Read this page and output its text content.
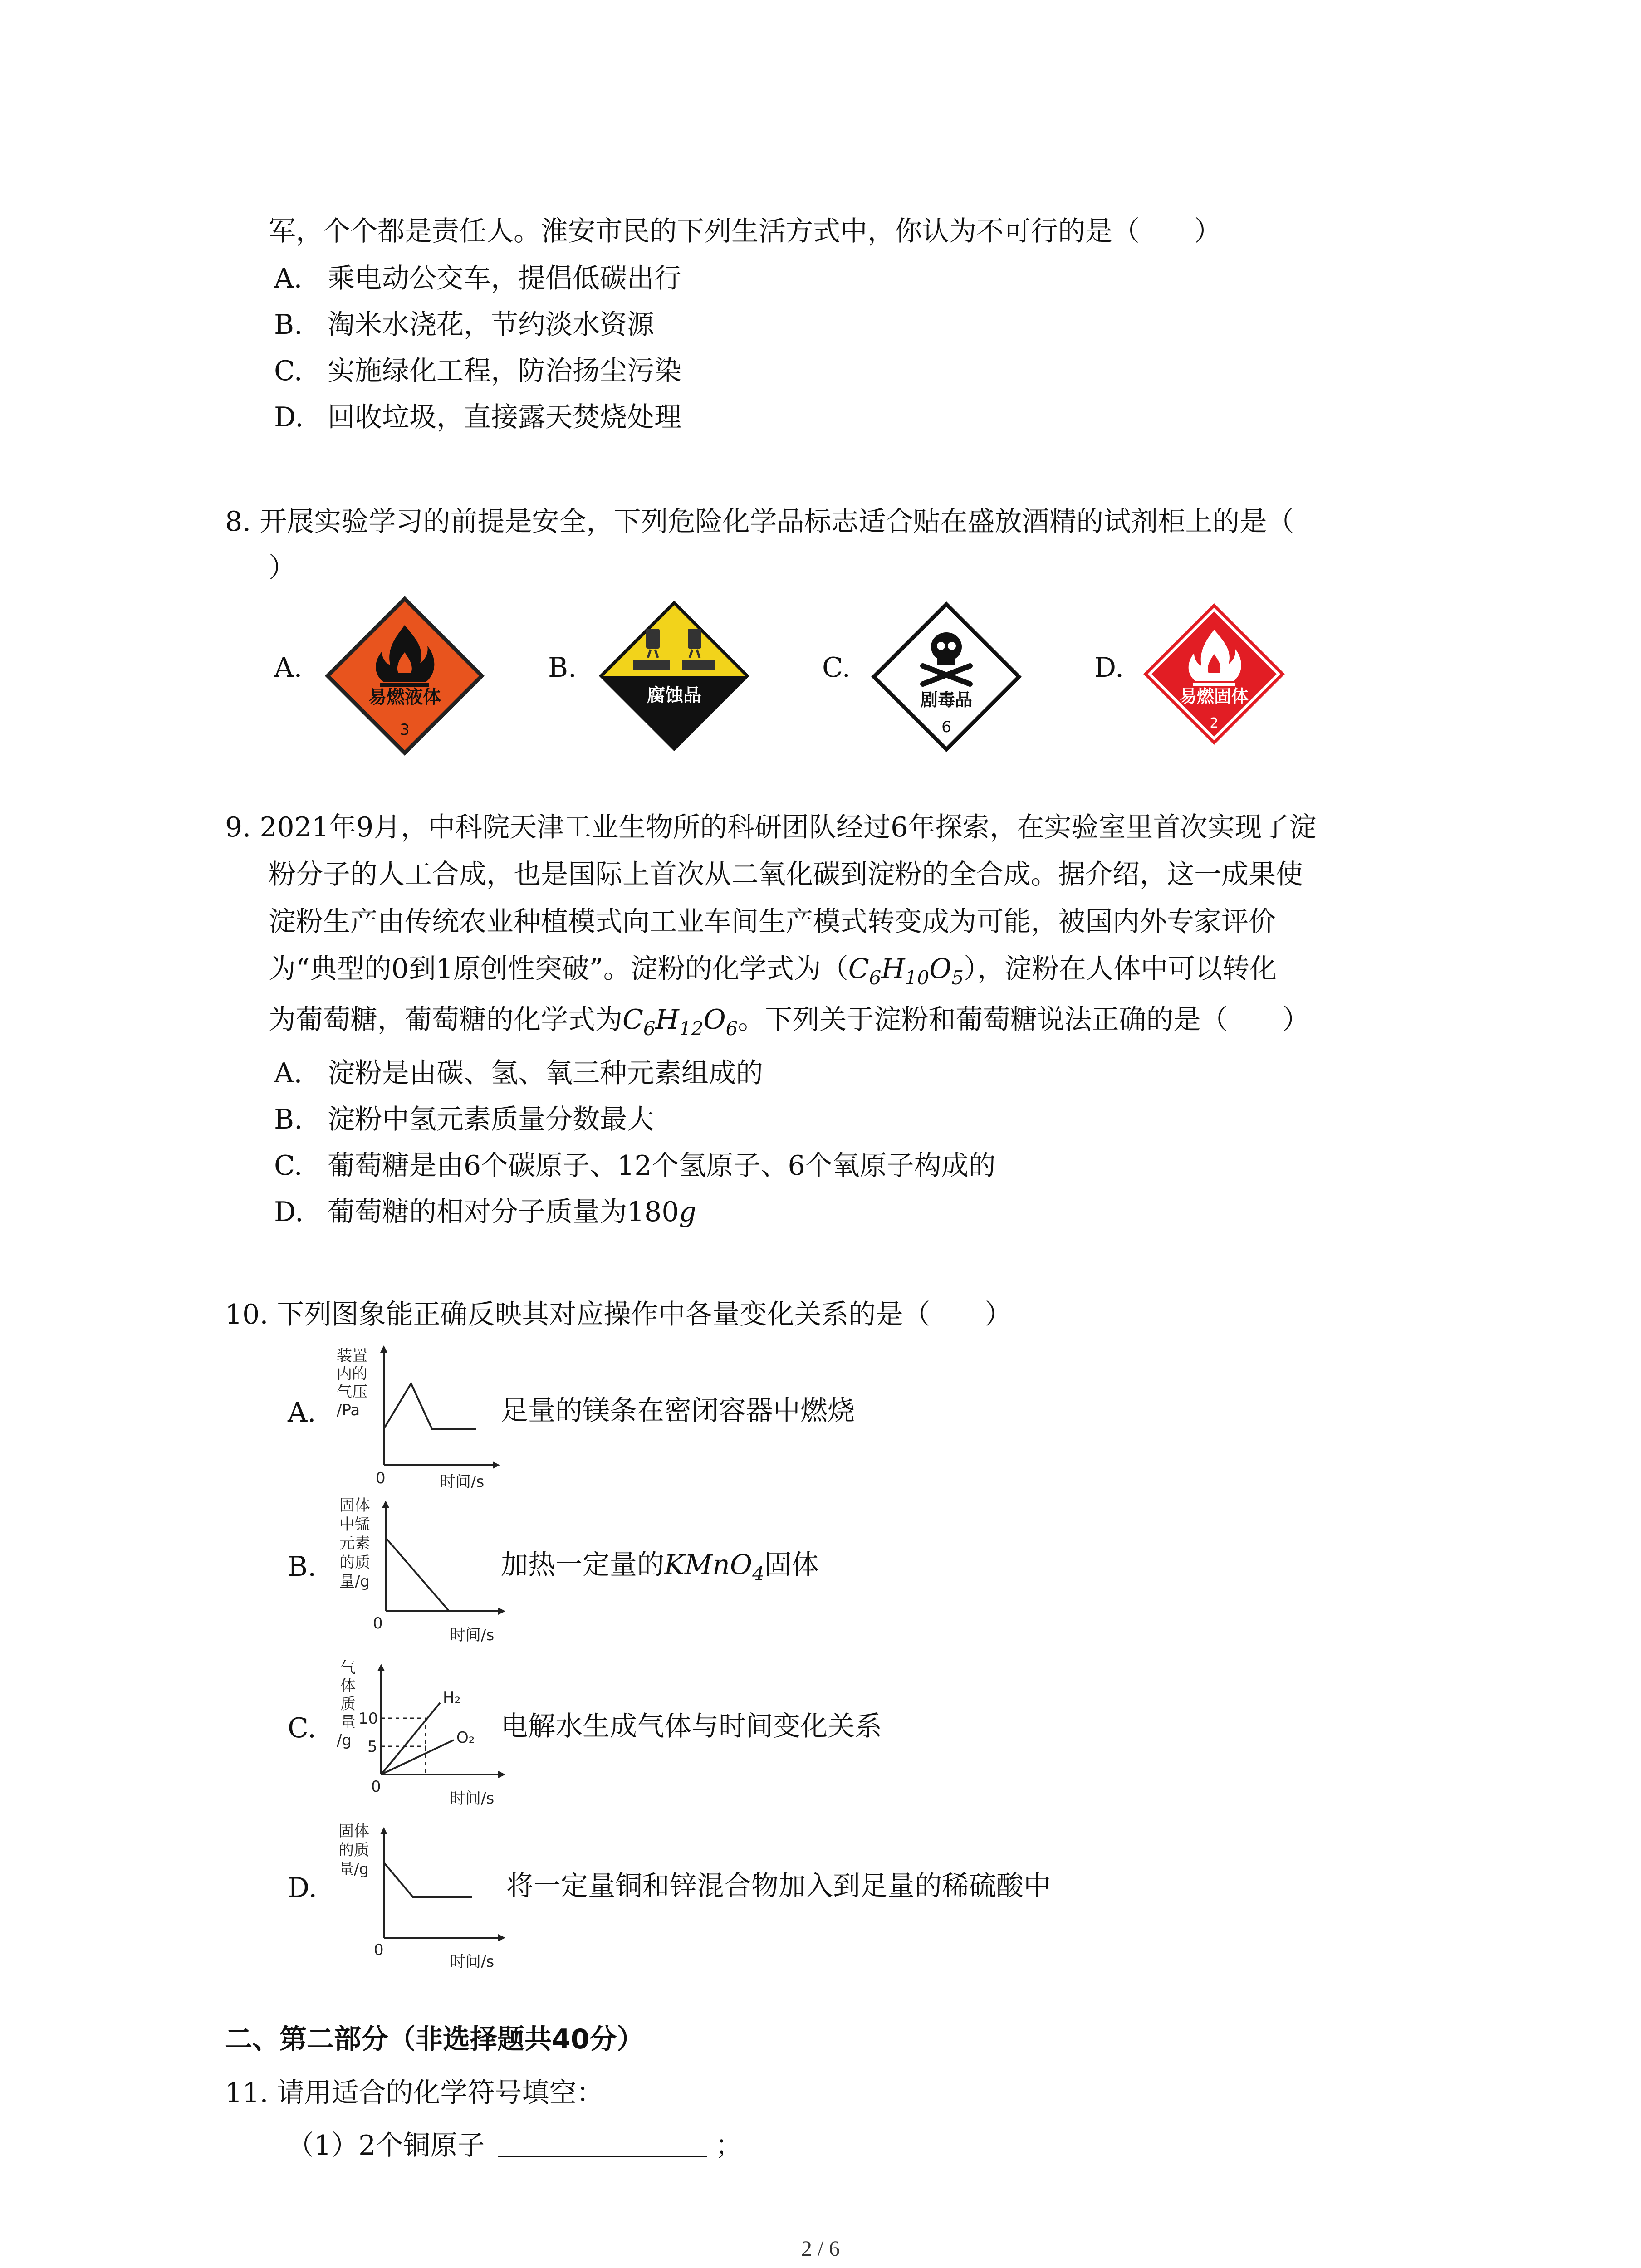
军，个个都是责任人。淮安市民的下列生活方式中，你认为不可行的是（　　）
A. 乘电动公交车，提倡低碳出行
B. 淘米水浇花，节约淡水资源
C. 实施绿化工程，防治扬尘污染
D. 回收垃圾，直接露天焚烧处理
8. 开展实验学习的前提是安全，下列危险化学品标志适合贴在盛放酒精的试剂柜上的是（
）
A.	B.	C.	D.
易燃液体
3
腐蚀品	剧毒品
6
易燃固体
2
9. 2021年9月，中科院天津工业生物所的科研团队经过6年探索，在实验室里首次实现了淀
粉分子的人工合成，也是国际上首次从二氧化碳到淀粉的全合成。据介绍，这一成果使
淀粉生产由传统农业种植模式向工业车间生产模式转变成为可能，被国内外专家评价
为“典型的0到1原创性突破”。淀粉的化学式为$(C_6H_{10}O_5)$，淀粉在人体中可以转化
为葡萄糖，葡萄糖的化学式为$C_6H_{12}O_6$。下列关于淀粉和葡萄糖说法正确的是（　　）
A. 淀粉是由碳、氢、氧三种元素组成的
B. 淀粉中氢元素质量分数最大
C. 葡萄糖是由6个碳原子、12个氢原子、6个氧原子构成的
D. 葡萄糖的相对分子质量为180g
10. 下列图象能正确反映其对应操作中各量变化关系的是（　　）
A.
装置
内的
气压
/Pa
0	时间/s
足量的镁条在密闭容器中燃烧
B.
固体
中锰
元素
的质
量/g
0
时间/s
加热一定量的KMnO$_4$固体
C.
气
体
质
量
/g
10
5
H₂
O₂
0
时间/s
电解水生成气体与时间变化关系
D.
固体
的质
量/g
0
时间/s
将一定量铜和锌混合物加入到足量的稀硫酸中
二、第二部分（非选择题共40分）
11. 请用适合的化学符号填空：
（1）2个铜原子	；
2 / 6
